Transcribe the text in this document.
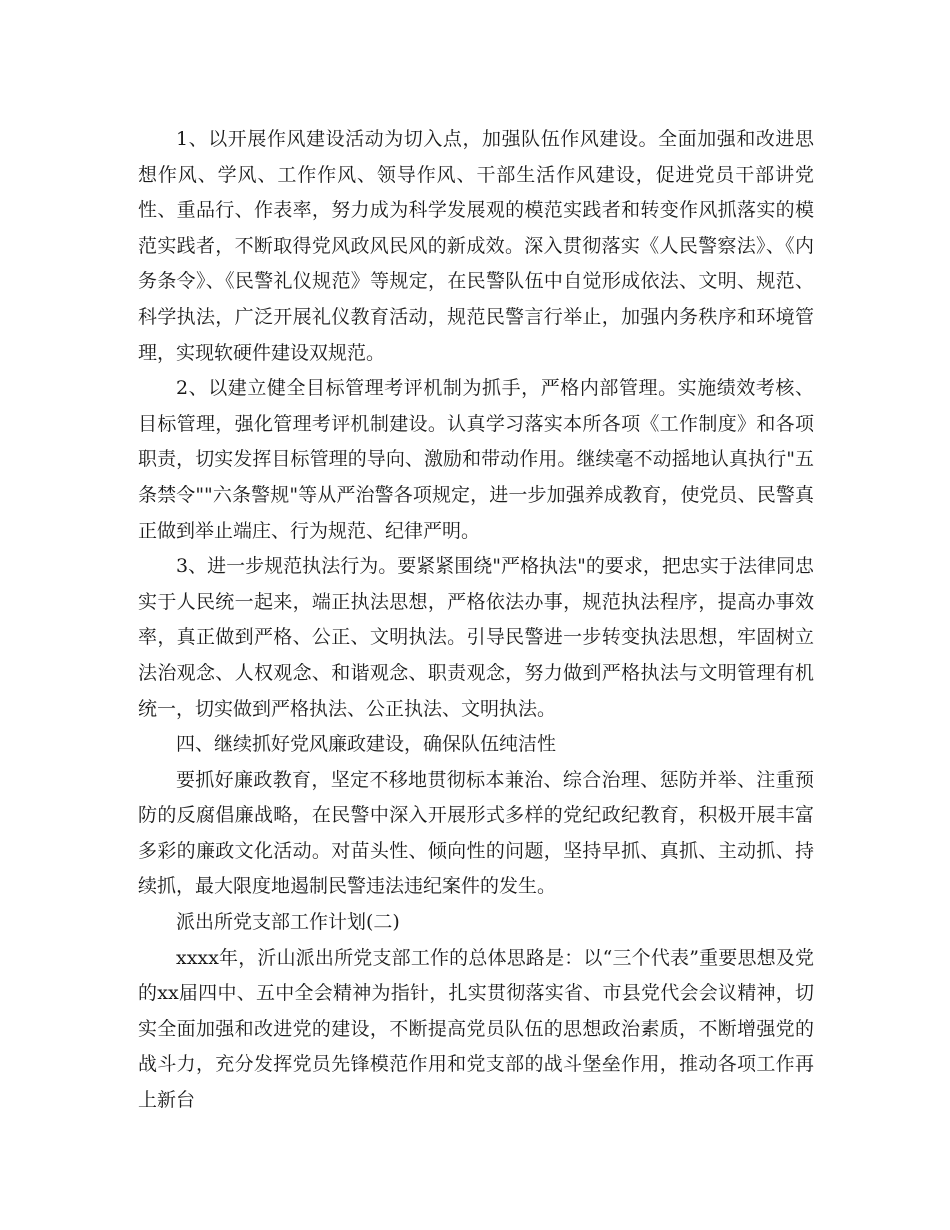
1、以开展作风建设活动为切入点，加强队伍作风建设。全面加强和改进思想作风、学风、工作作风、领导作风、干部生活作风建设，促进党员干部讲党性、重品行、作表率，努力成为科学发展观的模范实践者和转变作风抓落实的模范实践者，不断取得党风政风民风的新成效。深入贯彻落实《人民警察法》、《内务条令》、《民警礼仪规范》等规定，在民警队伍中自觉形成依法、文明、规范、科学执法，广泛开展礼仪教育活动，规范民警言行举止，加强内务秩序和环境管理，实现软硬件建设双规范。

2、以建立健全目标管理考评机制为抓手，严格内部管理。实施绩效考核、目标管理，强化管理考评机制建设。认真学习落实本所各项《工作制度》和各项职责，切实发挥目标管理的导向、激励和带动作用。继续毫不动摇地认真执行"五条禁令""六条警规"等从严治警各项规定，进一步加强养成教育，使党员、民警真正做到举止端庄、行为规范、纪律严明。

3、进一步规范执法行为。要紧紧围绕"严格执法"的要求，把忠实于法律同忠实于人民统一起来，端正执法思想，严格依法办事，规范执法程序，提高办事效率，真正做到严格、公正、文明执法。引导民警进一步转变执法思想，牢固树立法治观念、人权观念、和谐观念、职责观念，努力做到严格执法与文明管理有机统一，切实做到严格执法、公正执法、文明执法。

四、继续抓好党风廉政建设，确保队伍纯洁性

要抓好廉政教育，坚定不移地贯彻标本兼治、综合治理、惩防并举、注重预防的反腐倡廉战略，在民警中深入开展形式多样的党纪政纪教育，积极开展丰富多彩的廉政文化活动。对苗头性、倾向性的问题，坚持早抓、真抓、主动抓、持续抓，最大限度地遏制民警违法违纪案件的发生。

派出所党支部工作计划(二)

xxxx年，沂山派出所党支部工作的总体思路是：以“三个代表”重要思想及党的xx届四中、五中全会精神为指针，扎实贯彻落实省、市县党代会会议精神，切实全面加强和改进党的建设，不断提高党员队伍的思想政治素质，不断增强党的战斗力，充分发挥党员先锋模范作用和党支部的战斗堡垒作用，推动各项工作再上新台
